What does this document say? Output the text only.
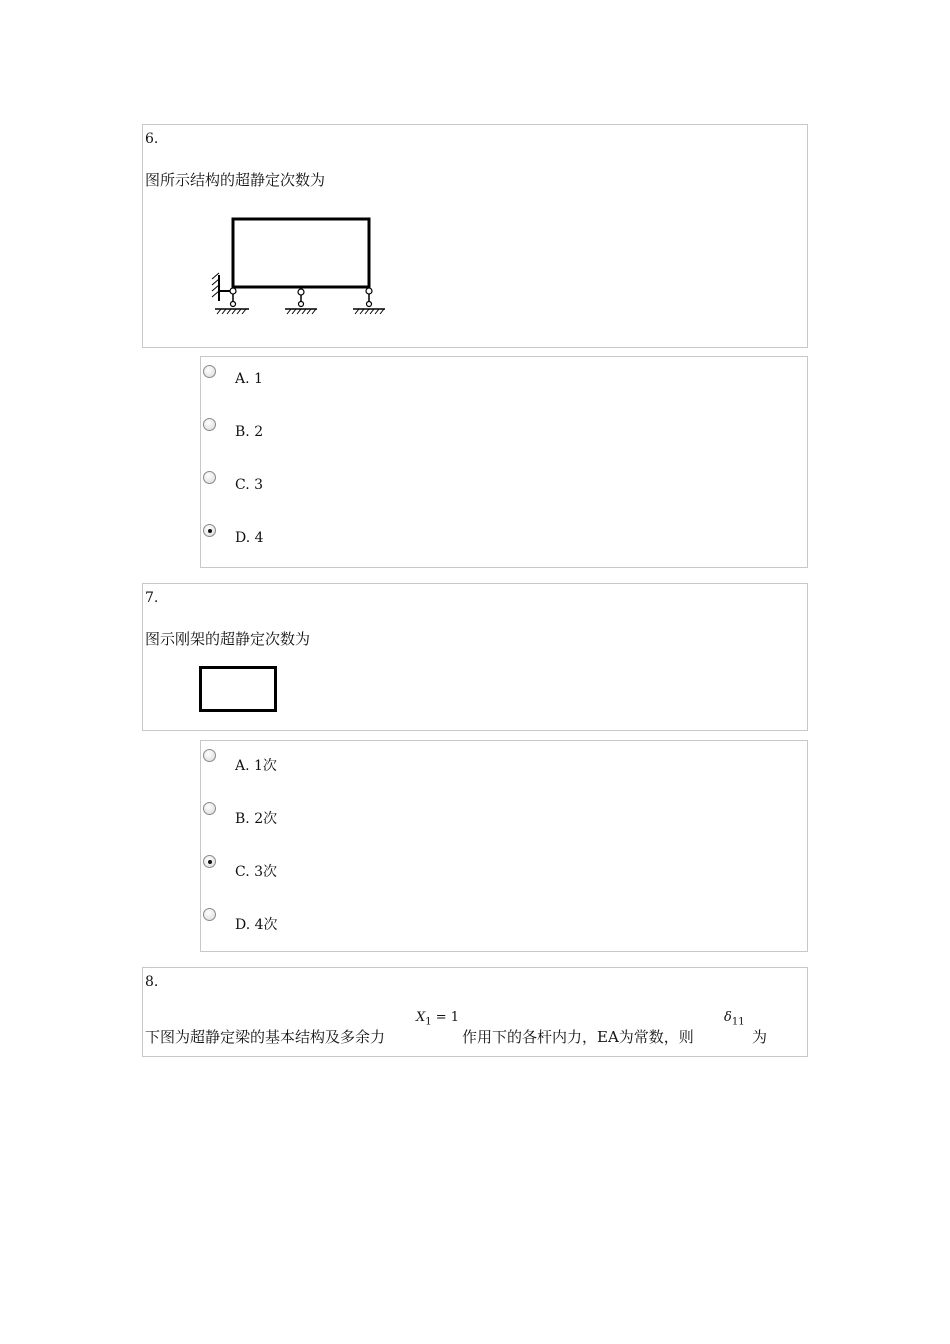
6.
图所示结构的超静定次数为
A. 1
B. 2
C. 3
D. 4
7.
图示刚架的超静定次数为
A. 1次
B. 2次
C. 3次
D. 4次
8.
下图为超静定梁的基本结构及多余力
$X_1 = 1$
作用下的各杆内力，EA为常数，则
$\delta_{11}$
为
